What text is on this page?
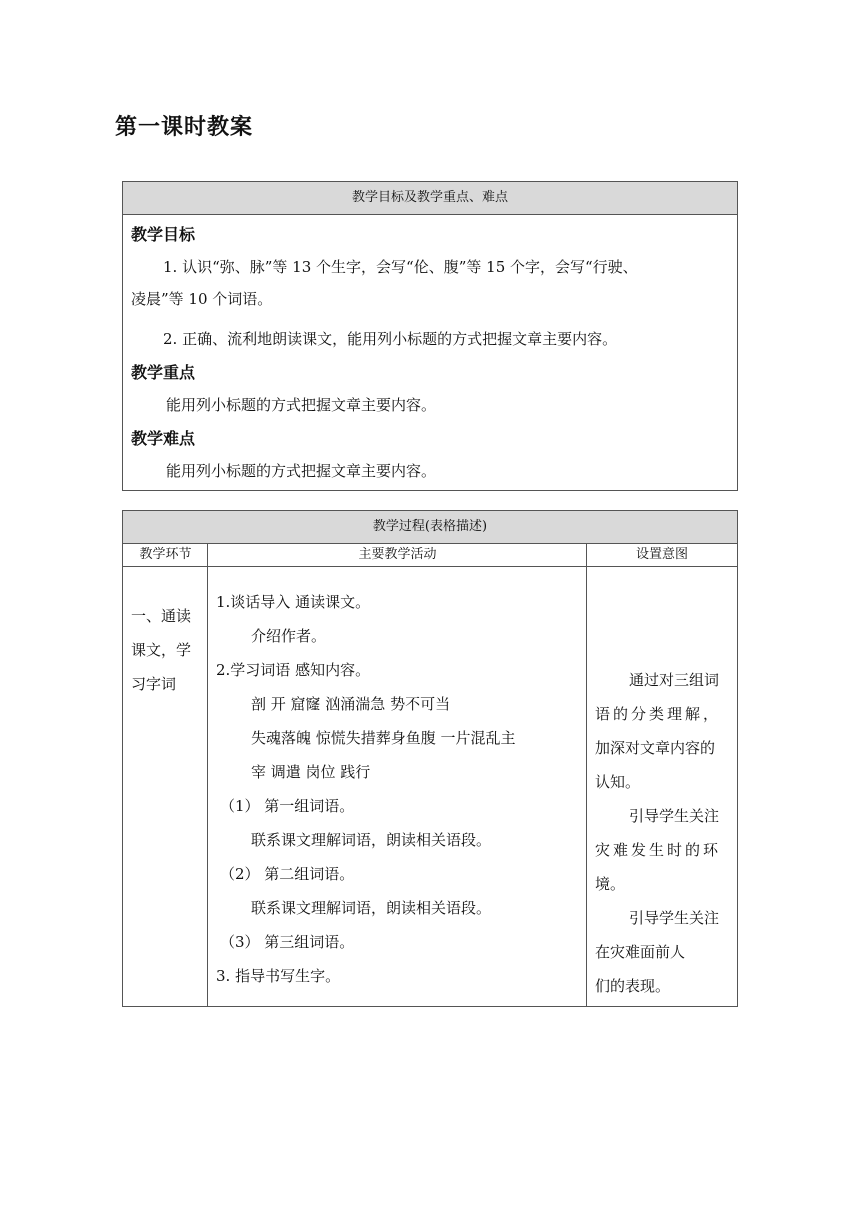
第一课时教案
教学目标及教学重点、难点
教学目标
1. 认识“弥、脉”等 13 个生字，会写“伦、腹”等 15 个字，会写“行驶、
凌晨”等 10 个词语。
2. 正确、流利地朗读课文，能用列小标题的方式把握文章主要内容。
教学重点
能用列小标题的方式把握文章主要内容。
教学难点
能用列小标题的方式把握文章主要内容。
教学过程(表格描述)
教学环节	主要教学活动	设置意图
一、通读
课文，学
习字词
1.谈话导入 通读课文。
介绍作者。
2.学习词语 感知内容。
剖 开 窟窿 汹涌湍急 势不可当
失魂落魄 惊慌失措葬身鱼腹 一片混乱主
宰 调遣 岗位 践行
（1） 第一组词语。
联系课文理解词语，朗读相关语段。
（2） 第二组词语。
联系课文理解词语，朗读相关语段。
（3） 第三组词语。
3. 指导书写生字。
通过对三组词
语的分类理解，
加深对文章内容的
认知。
引导学生关注
灾难发生时的环
境。
引导学生关注
在灾难面前人
们的表现。
